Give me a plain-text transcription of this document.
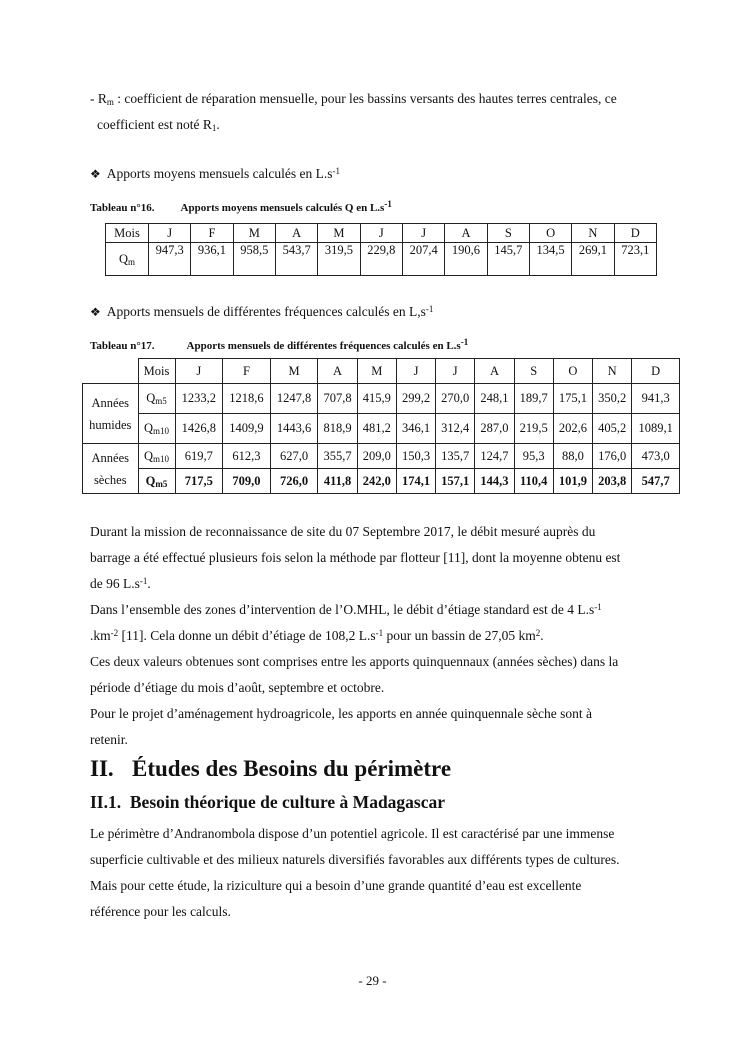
- $R_m$ : coefficient de réparation mensuelle, pour les bassins versants des hautes terres centrales, ce
coefficient est noté $R_1$.
❖ Apports moyens mensuels calculés en $L.s^{-1}$
Tableau n°16. Apports moyens mensuels calculés Q en $L.s^{-1}$
Mois	J	F	M	A	M	J	J	A	S	O	N	D
$Q_m$	947,3	936,1	958,5	543,7	319,5	229,8	207,4	190,6	145,7	134,5	269,1	723,1
❖ Apports mensuels de différentes fréquences calculés en $L,s^{-1}$
Tableau n°17.	Apports mensuels de différentes fréquences calculés en $L.s^{-1}$
	Mois	J	F	M	A	M	J	J	A	S	O	N	D

Années
humides	$Q_{m5}$	1233,2	1218,6	1247,8	707,8	415,9	299,2	270,0	248,1	189,7	175,1	350,2	941,3
	$Q_{m10}$	1426,8	1409,9	1443,6	818,9	481,2	346,1	312,4	287,0	219,5	202,6	405,2	1089,1

Années
sèches	$Q_{m10}$	619,7	612,3	627,0	355,7	209,0	150,3	135,7	124,7	95,3	88,0	176,0	473,0
	$Q_{m5}$	717,5	709,0	726,0	411,8	242,0	174,1	157,1	144,3	110,4	101,9	203,8	547,7
Durant la mission de reconnaissance de site du 07 Septembre 2017, le débit mesuré auprès du
barrage a été effectué plusieurs fois selon la méthode par flotteur [11], dont la moyenne obtenu est
de 96 $L.s^{-1}$.
Dans l’ensemble des zones d’intervention de l’O.MHL, le débit d’étiage standard est de 4 $L.s^{-1}$
$.km^{-2}$ [11]. Cela donne un débit d’étiage de 108,2 $L.s^{-1}$ pour un bassin de 27,05 $km^2$.
Ces deux valeurs obtenues sont comprises entre les apports quinquennaux (années sèches) dans la
période d’étiage du mois d’août, septembre et octobre.
Pour le projet d’aménagement hydroagricole, les apports en année quinquennale sèche sont à
retenir.
II. Études des Besoins du périmètre
II.1. Besoin théorique de culture à Madagascar
Le périmètre d’Andranombola dispose d’un potentiel agricole. Il est caractérisé par une immense
superficie cultivable et des milieux naturels diversifiés favorables aux différents types de cultures.
Mais pour cette étude, la riziculture qui a besoin d’une grande quantité d’eau est excellente
référence pour les calculs.
- 29 -
